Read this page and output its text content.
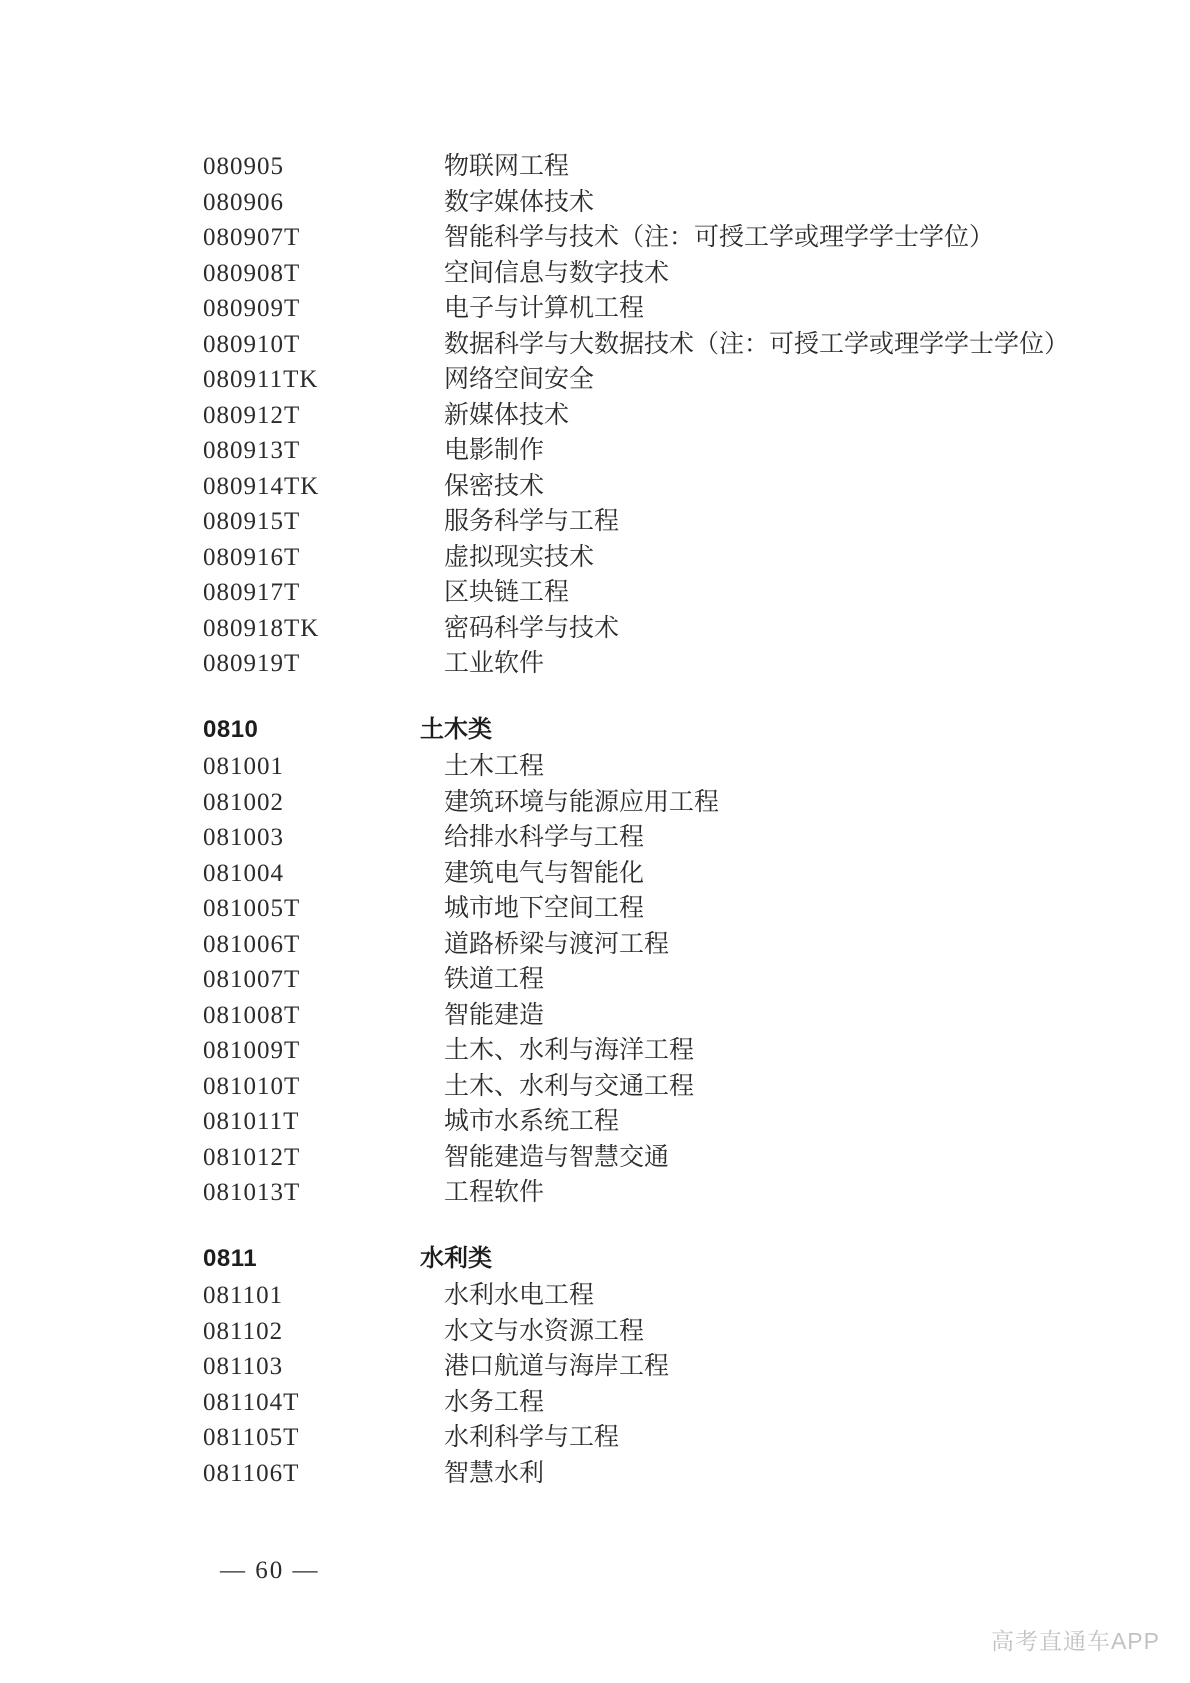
080905	物联网工程
080906	数字媒体技术
080907T	智能科学与技术（注：可授工学或理学学士学位）
080908T	空间信息与数字技术
080909T	电子与计算机工程
080910T	数据科学与大数据技术（注：可授工学或理学学士学位）
080911TK	网络空间安全
080912T	新媒体技术
080913T	电影制作
080914TK	保密技术
080915T	服务科学与工程
080916T	虚拟现实技术
080917T	区块链工程
080918TK	密码科学与技术
080919T	工业软件
0810	土木类
081001	土木工程
081002	建筑环境与能源应用工程
081003	给排水科学与工程
081004	建筑电气与智能化
081005T	城市地下空间工程
081006T	道路桥梁与渡河工程
081007T	铁道工程
081008T	智能建造
081009T	土木、水利与海洋工程
081010T	土木、水利与交通工程
081011T	城市水系统工程
081012T	智能建造与智慧交通
081013T	工程软件
0811	水利类
081101	水利水电工程
081102	水文与水资源工程
081103	港口航道与海岸工程
081104T	水务工程
081105T	水利科学与工程
081106T	智慧水利
— 60 —
高考直通车APP
